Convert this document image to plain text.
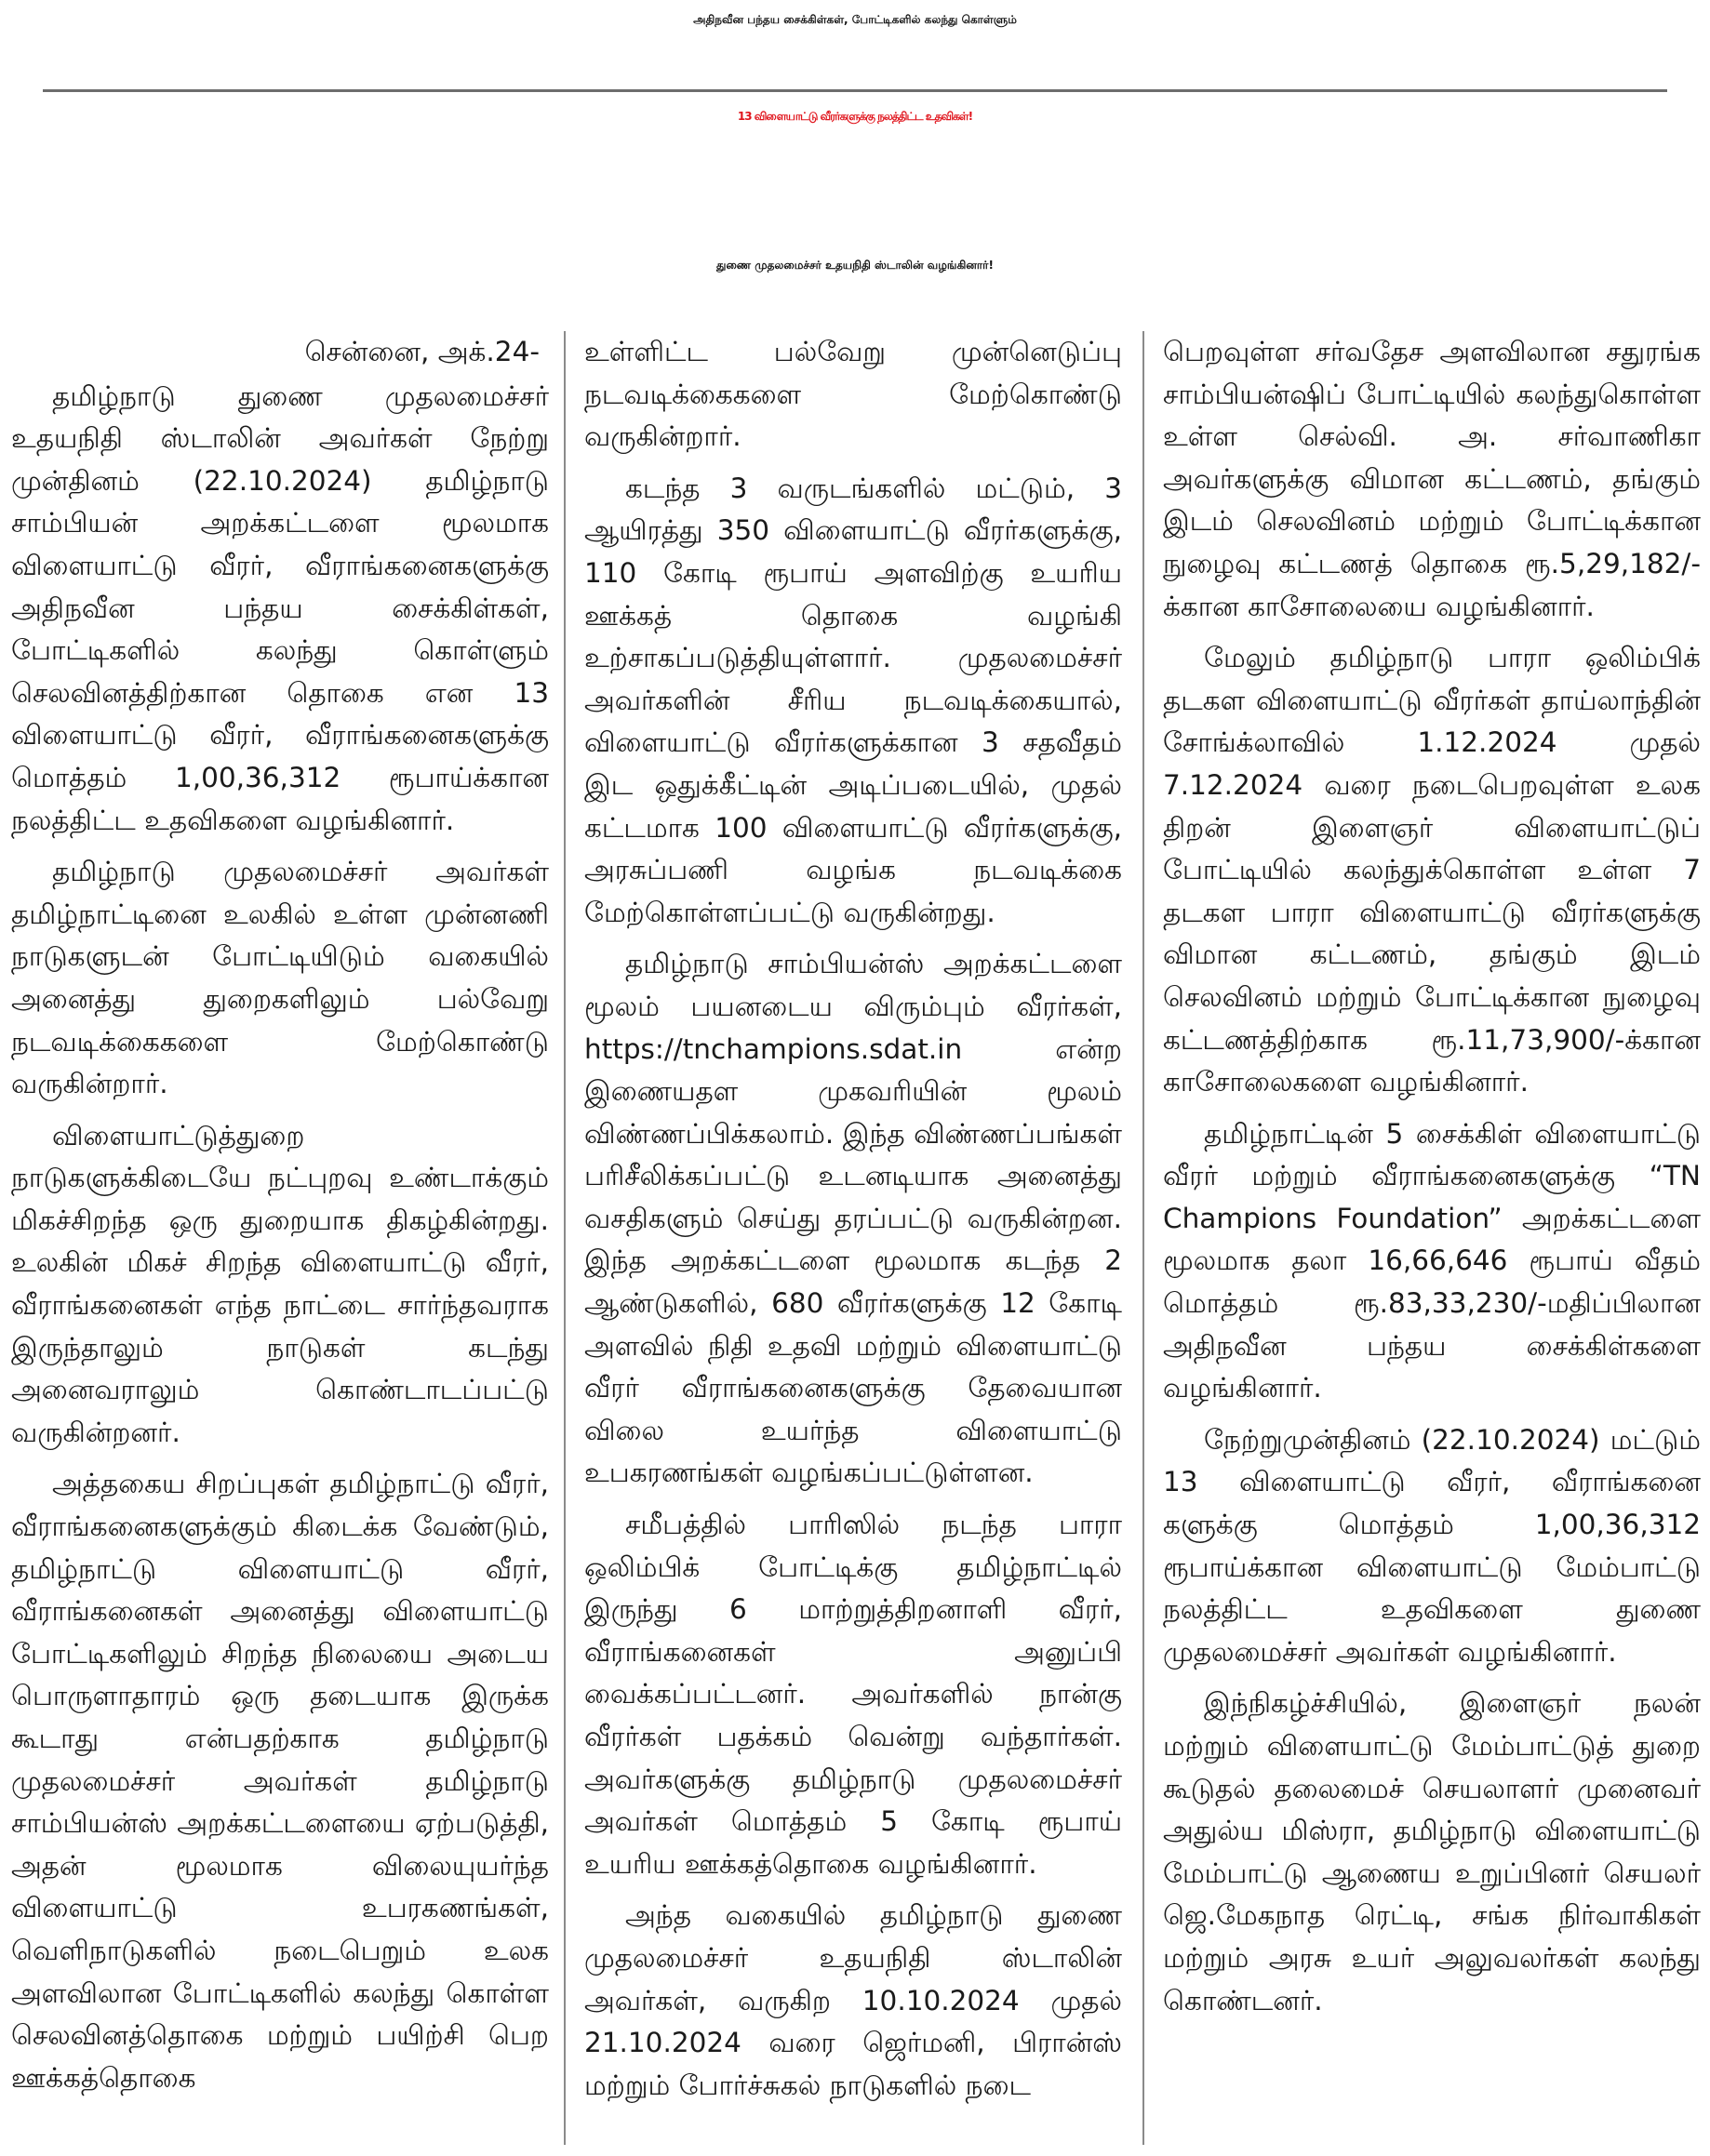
அதிநவீன பந்தய சைக்கிள்கள், போட்டிகளில் கலந்து கொள்ளும்
13 விளையாட்டு வீரர்களுக்கு நலத்திட்ட உதவிகள்!
துணை முதலமைச்சர் உதயநிதி ஸ்டாலின் வழங்கினார்!
சென்னை, அக்.24-

தமிழ்நாடு துணை முதலமைச்சர் உதயநிதி ஸ்டாலின் அவர்கள் நேற்று முன்தினம் (22.10.2024) தமிழ்நாடு சாம்பியன் அறக்கட்டளை மூலமாக விளையாட்டு வீரர், வீராங்கனைகளுக்கு அதிநவீன பந்தய சைக்கிள்கள், போட்டிகளில் கலந்து கொள்ளும் செலவினத்திற்கான தொகை என 13 விளையாட்டு வீரர், வீராங்கனைகளுக்கு மொத்தம் 1,00,36,312 ரூபாய்க்கான நலத்திட்ட உதவிகளை வழங்கினார்.

தமிழ்நாடு முதலமைச்சர் அவர்கள் தமிழ்நாட்டினை உலகில் உள்ள முன்னணி நாடுகளுடன் போட்டியிடும் வகையில் அனைத்து துறைகளிலும் பல்வேறு நடவடிக்கைகளை மேற்கொண்டு வருகின்றார்.

விளையாட்டுத்துறை நாடுகளுக்கிடையே நட்புறவு உண்டாக்கும் மிகச்சிறந்த ஒரு துறையாக திகழ்கின்றது. உலகின் மிகச் சிறந்த விளையாட்டு வீரர், வீராங்கனைகள் எந்த நாட்டை சார்ந்தவராக இருந்தாலும் நாடுகள் கடந்து அனைவராலும் கொண்டாடப்பட்டு வருகின்றனர்.

அத்தகைய சிறப்புகள் தமிழ்நாட்டு வீரர், வீராங்கனைகளுக்கும் கிடைக்க வேண்டும், தமிழ்நாட்டு விளையாட்டு வீரர், வீராங்கனைகள் அனைத்து விளையாட்டு போட்டிகளிலும் சிறந்த நிலையை அடைய பொருளாதாரம் ஒரு தடையாக இருக்க கூடாது என்பதற்காக தமிழ்நாடு முதலமைச்சர் அவர்கள் தமிழ்நாடு சாம்பியன்ஸ் அறக்கட்டளையை ஏற்படுத்தி, அதன் மூலமாக விலையுயர்ந்த விளையாட்டு உபரகணங்கள், வெளிநாடுகளில் நடைபெறும் உலக அளவிலான போட்டிகளில் கலந்து கொள்ள செலவினத்தொகை மற்றும் பயிற்சி பெற ஊக்கத்தொகை

உள்ளிட்ட பல்வேறு முன்னெடுப்பு நடவடிக்கைகளை மேற்கொண்டு வருகின்றார்.

கடந்த 3 வருடங்களில் மட்டும், 3 ஆயிரத்து 350 விளையாட்டு வீரர்களுக்கு, 110 கோடி ரூபாய் அளவிற்கு உயரிய ஊக்கத் தொகை வழங்கி உற்சாகப்படுத்தியுள்ளார். முதலமைச்சர் அவர்களின் சீரிய நடவடிக்கையால், விளையாட்டு வீரர்களுக்கான 3 சதவீதம் இட ஒதுக்கீட்டின் அடிப்படையில், முதல் கட்டமாக 100 விளையாட்டு வீரர்களுக்கு, அரசுப்பணி வழங்க நடவடிக்கை மேற்கொள்ளப்பட்டு வருகின்றது.

தமிழ்நாடு சாம்பியன்ஸ் அறக்கட்டளை மூலம் பயனடைய விரும்பும் வீரர்கள், https://tnchampions.sdat.in என்ற இணையதள முகவரியின் மூலம் விண்ணப்பிக்கலாம். இந்த விண்ணப்பங்கள் பரிசீலிக்கப்பட்டு உடனடியாக அனைத்து வசதிகளும் செய்து தரப்பட்டு வருகின்றன. இந்த அறக்கட்டளை மூலமாக கடந்த 2 ஆண்டுகளில், 680 வீரர்களுக்கு 12 கோடி அளவில் நிதி உதவி மற்றும் விளையாட்டு வீரர் வீராங்கனைகளுக்கு தேவையான விலை உயர்ந்த விளையாட்டு உபகரணங்கள் வழங்கப்பட்டுள்ளன.

சமீபத்தில் பாரிஸில் நடந்த பாரா ஒலிம்பிக் போட்டிக்கு தமிழ்நாட்டில் இருந்து 6 மாற்றுத்திறனாளி வீரர், வீராங்கனைகள் அனுப்பி வைக்கப்பட்டனர். அவர்களில் நான்கு வீரர்கள் பதக்கம் வென்று வந்தார்கள். அவர்களுக்கு தமிழ்நாடு முதலமைச்சர் அவர்கள் மொத்தம் 5 கோடி ரூபாய் உயரிய ஊக்கத்தொகை வழங்கினார்.

அந்த வகையில் தமிழ்நாடு துணை முதலமைச்சர் உதயநிதி ஸ்டாலின் அவர்கள், வருகிற 10.10.2024 முதல் 21.10.2024 வரை ஜெர்மனி, பிரான்ஸ் மற்றும் போர்ச்சுகல் நாடுகளில் நடை

பெறவுள்ள சர்வதேச அளவிலான சதுரங்க சாம்பியன்ஷிப் போட்டியில் கலந்துகொள்ள உள்ள செல்வி. அ. சர்வாணிகா அவர்களுக்கு விமான கட்டணம், தங்கும் இடம் செலவினம் மற்றும் போட்டிக்கான நுழைவு கட்டணத் தொகை ரூ.5,29,182/-க்கான காசோலையை வழங்கினார்.

மேலும் தமிழ்நாடு பாரா ஒலிம்பிக் தடகள விளையாட்டு வீரர்கள் தாய்லாந்தின் சோங்க்லாவில் 1.12.2024 முதல் 7.12.2024 வரை நடைபெறவுள்ள உலக திறன் இளைஞர் விளையாட்டுப் போட்டியில் கலந்துக்கொள்ள உள்ள 7 தடகள பாரா விளையாட்டு வீரர்களுக்கு விமான கட்டணம், தங்கும் இடம் செலவினம் மற்றும் போட்டிக்கான நுழைவு கட்டணத்திற்காக ரூ.11,73,900/-க்கான காசோலைகளை வழங்கினார்.

தமிழ்நாட்டின் 5 சைக்கிள் விளையாட்டு வீரர் மற்றும் வீராங்கனைகளுக்கு “TN Champions Foundation” அறக்கட்டளை மூலமாக தலா 16,66,646 ரூபாய் வீதம் மொத்தம் ரூ.83,33,230/-மதிப்பிலான அதிநவீன பந்தய சைக்கிள்களை வழங்கினார்.

நேற்றுமுன்தினம் (22.10.2024) மட்டும் 13 விளையாட்டு வீரர், வீராங்கனை களுக்கு மொத்தம் 1,00,36,312 ரூபாய்க்கான விளையாட்டு மேம்பாட்டு நலத்திட்ட உதவிகளை துணை முதலமைச்சர் அவர்கள் வழங்கினார்.

இந்நிகழ்ச்சியில், இளைஞர் நலன் மற்றும் விளையாட்டு மேம்பாட்டுத் துறை கூடுதல் தலைமைச் செயலாளர் முனைவர் அதுல்ய மிஸ்ரா, தமிழ்நாடு விளையாட்டு மேம்பாட்டு ஆணைய உறுப்பினர் செயலர் ஜெ.மேகநாத ரெட்டி, சங்க நிர்வாகிகள் மற்றும் அரசு உயர் அலுவலர்கள் கலந்து கொண்டனர்.
